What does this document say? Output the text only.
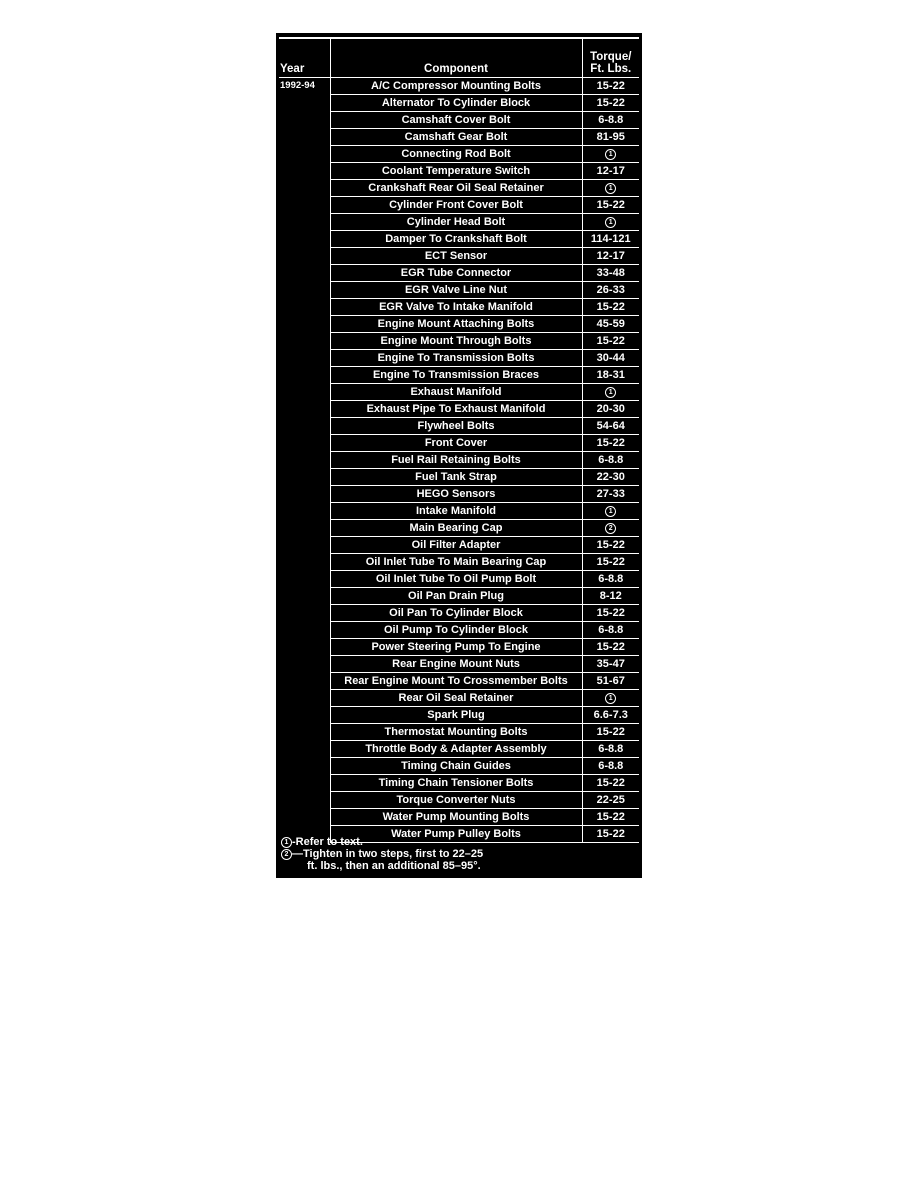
Year	Component	Torque/
Ft. Lbs.
1992-94	A/C Compressor Mounting Bolts	15-22
	Alternator To Cylinder Block	15-22
	Camshaft Cover Bolt	6-8.8
	Camshaft Gear Bolt	81-95
	Connecting Rod Bolt	1
	Coolant Temperature Switch	12-17
	Crankshaft Rear Oil Seal Retainer	1
	Cylinder Front Cover Bolt	15-22
	Cylinder Head Bolt	1
	Damper To Crankshaft Bolt	114-121
	ECT Sensor	12-17
	EGR Tube Connector	33-48
	EGR Valve Line Nut	26-33
	EGR Valve To Intake Manifold	15-22
	Engine Mount Attaching Bolts	45-59
	Engine Mount Through Bolts	15-22
	Engine To Transmission Bolts	30-44
	Engine To Transmission Braces	18-31
	Exhaust Manifold	1
	Exhaust Pipe To Exhaust Manifold	20-30
	Flywheel Bolts	54-64
	Front Cover	15-22
	Fuel Rail Retaining Bolts	6-8.8
	Fuel Tank Strap	22-30
	HEGO Sensors	27-33
	Intake Manifold	1
	Main Bearing Cap	2
	Oil Filter Adapter	15-22
	Oil Inlet Tube To Main Bearing Cap	15-22
	Oil Inlet Tube To Oil Pump Bolt	6-8.8
	Oil Pan Drain Plug	8-12
	Oil Pan To Cylinder Block	15-22
	Oil Pump To Cylinder Block	6-8.8
	Power Steering Pump To Engine	15-22
	Rear Engine Mount Nuts	35-47
	Rear Engine Mount To Crossmember Bolts	51-67
	Rear Oil Seal Retainer	1
	Spark Plug	6.6-7.3
	Thermostat Mounting Bolts	15-22
	Throttle Body & Adapter Assembly	6-8.8
	Timing Chain Guides	6-8.8
	Timing Chain Tensioner Bolts	15-22
	Torque Converter Nuts	22-25
	Water Pump Mounting Bolts	15-22
	Water Pump Pulley Bolts	15-22
1 -Refer to text.
2 —Tighten in two steps, first to 22–25
ft. lbs., then an additional 85–95°.
